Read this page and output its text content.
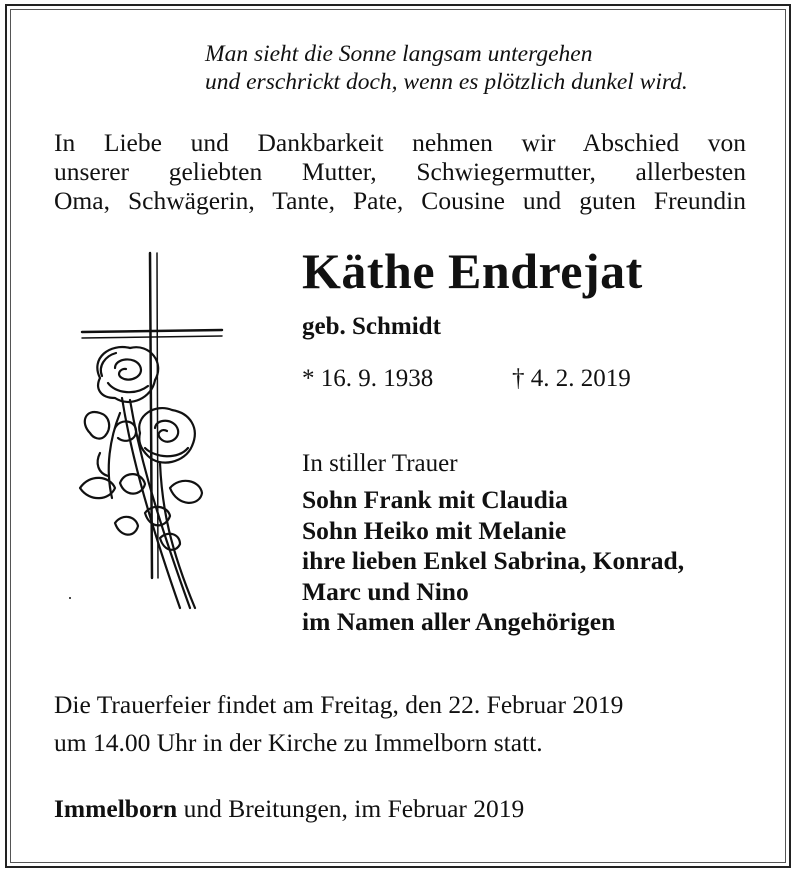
Man sieht die Sonne langsam untergehen
und erschrickt doch, wenn es plötzlich dunkel wird.
In Liebe und Dankbarkeit nehmen wir Abschied von
unserer geliebten Mutter, Schwiegermutter, allerbesten
Oma, Schwägerin, Tante, Pate, Cousine und guten Freundin
Käthe Endrejat
geb. Schmidt
* 16. 9. 1938	† 4. 2. 2019
In stiller Trauer
Sohn Frank mit Claudia
Sohn Heiko mit Melanie
ihre lieben Enkel Sabrina, Konrad,
Marc und Nino
im Namen aller Angehörigen
Die Trauerfeier findet am Freitag, den 22. Februar 2019
um 14.00 Uhr in der Kirche zu Immelborn statt.
Immelborn und Breitungen, im Februar 2019
